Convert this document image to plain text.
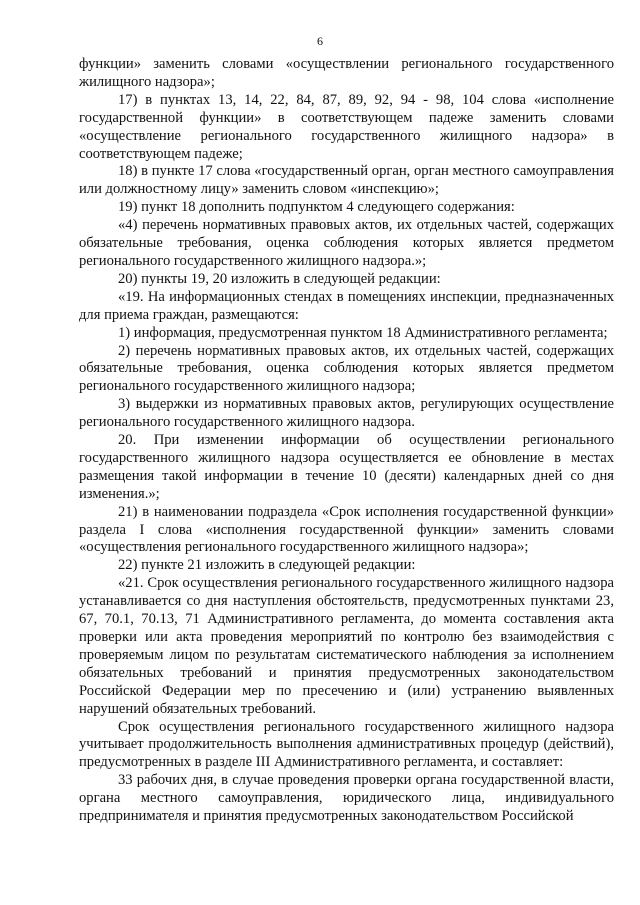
6

функции» заменить словами «осуществлении регионального государственного жилищного надзора»;

17) в пунктах 13, 14, 22, 84, 87, 89, 92, 94 - 98, 104 слова «исполнение государственной функции» в соответствующем падеже заменить словами «осуществление регионального государственного жилищного надзора» в соответствующем падеже;

18) в пункте 17 слова «государственный орган, орган местного самоуправления или должностному лицу» заменить словом «инспекцию»;

19) пункт 18 дополнить подпунктом 4 следующего содержания:

«4) перечень нормативных правовых актов, их отдельных частей, содержащих обязательные требования, оценка соблюдения которых является предметом регионального государственного жилищного надзора.»;

20) пункты 19, 20 изложить в следующей редакции:

«19. На информационных стендах в помещениях инспекции, предназначенных для приема граждан, размещаются:

1) информация, предусмотренная пунктом 18 Административного регламента;

2) перечень нормативных правовых актов, их отдельных частей, содержащих обязательные требования, оценка соблюдения которых является предметом регионального государственного жилищного надзора;

3) выдержки из нормативных правовых актов, регулирующих осуществление регионального государственного жилищного надзора.

20. При изменении информации об осуществлении регионального государственного жилищного надзора осуществляется ее обновление в местах размещения такой информации в течение 10 (десяти) календарных дней со дня изменения.»;

21) в наименовании подраздела «Срок исполнения государственной функции» раздела I слова «исполнения государственной функции» заменить словами «осуществления регионального государственного жилищного надзора»;

22) пункте 21 изложить в следующей редакции:

«21. Срок осуществления регионального государственного жилищного надзора устанавливается со дня наступления обстоятельств, предусмотренных пунктами 23, 67, 70.1, 70.13, 71 Административного регламента, до момента составления акта проверки или акта проведения мероприятий по контролю без взаимодействия с проверяемым лицом по результатам систематического наблюдения за исполнением обязательных требований и принятия предусмотренных законодательством Российской Федерации мер по пресечению и (или) устранению выявленных нарушений обязательных требований.

Срок осуществления регионального государственного жилищного надзора учитывает продолжительность выполнения административных процедур (действий), предусмотренных в разделе III Административного регламента, и составляет:

33 рабочих дня, в случае проведения проверки органа государственной власти, органа местного самоуправления, юридического лица, индивидуального предпринимателя и принятия предусмотренных законодательством Российской
